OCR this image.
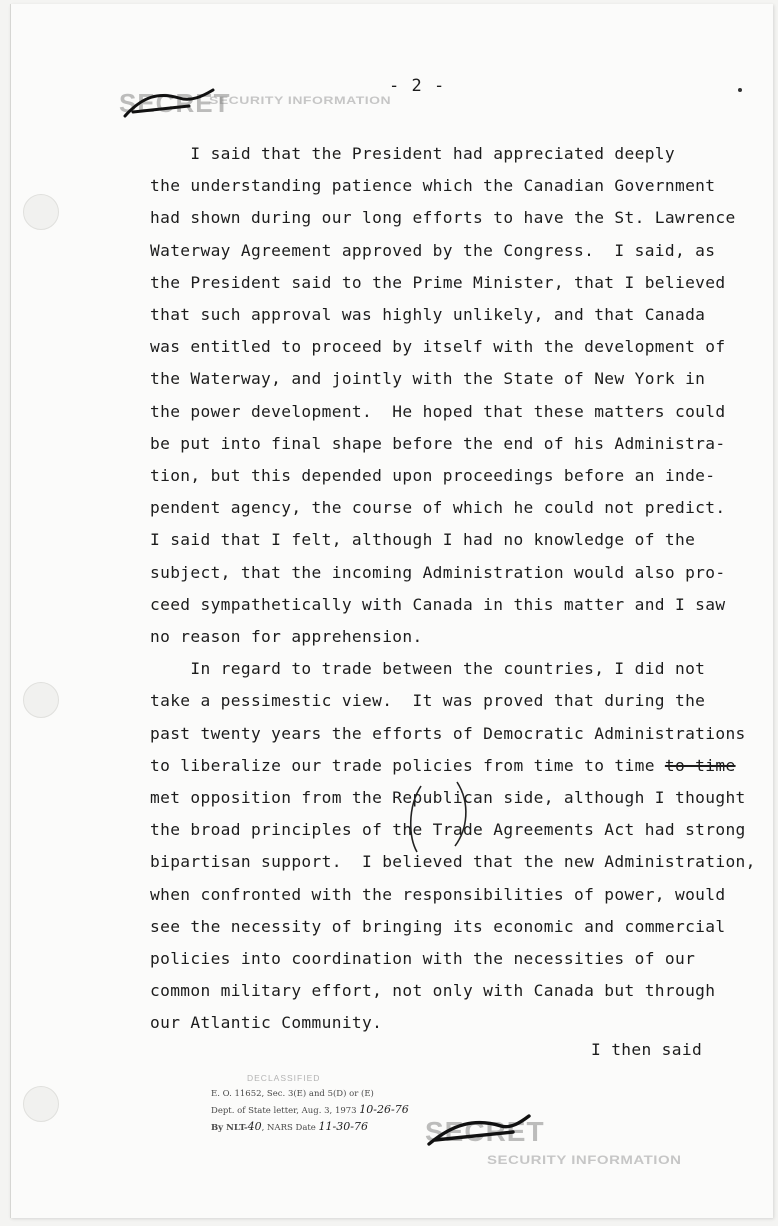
SECRET
SECURITY INFORMATION
- 2 -
I said that the President had appreciated deeply
the understanding patience which the Canadian Government
had shown during our long efforts to have the St. Lawrence
Waterway Agreement approved by the Congress.  I said, as
the President said to the Prime Minister, that I believed
that such approval was highly unlikely, and that Canada
was entitled to proceed by itself with the development of
the Waterway, and jointly with the State of New York in
the power development.  He hoped that these matters could
be put into final shape before the end of his Administra-
tion, but this depended upon proceedings before an inde-
pendent agency, the course of which he could not predict.
I said that I felt, although I had no knowledge of the
subject, that the incoming Administration would also pro-
ceed sympathetically with Canada in this matter and I saw
no reason for apprehension.
In regard to trade between the countries, I did not
take a pessimestic view.  It was proved that during the
past twenty years the efforts of Democratic Administrations
to liberalize our trade policies from time to time to time
met opposition from the Republican side, although I thought
the broad principles of the Trade Agreements Act had strong
bipartisan support.  I believed that the new Administration,
when confronted with the responsibilities of power, would
see the necessity of bringing its economic and commercial
policies into coordination with the necessities of our
common military effort, not only with Canada but through
our Atlantic Community.
I then said
DECLASSIFIED
E. O. 11652, Sec. 3(E) and 5(D) or (E)
Dept. of State letter, Aug. 3, 1973 10-26-76
By NLT-40, NARS Date 11-30-76	SECRET
SECURITY INFORMATION
